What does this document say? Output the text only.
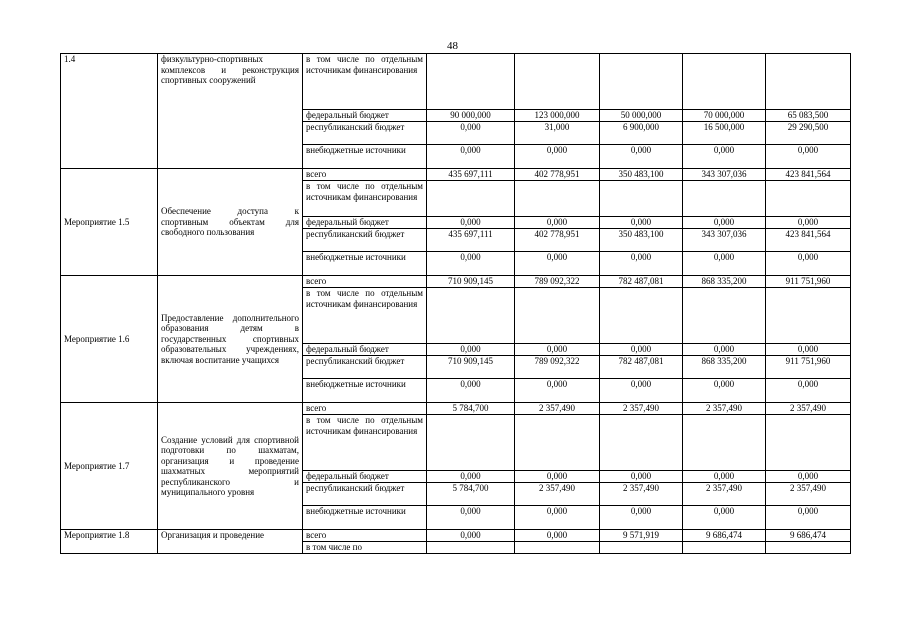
48
1.4	физкультурно-спортивных комплексов и реконструкция спортивных сооружений	в том числе по отдельным источникам финансирования					
		федеральный бюджет	90 000,000	123 000,000	50 000,000	70 000,000	65 083,500
		республиканский бюджет	0,000	31,000	6 900,000	16 500,000	29 290,500
		внебюджетные источники	0,000	0,000	0,000	0,000	0,000
Мероприятие 1.5	Обеспечение доступа к спортивным объектам для свободного пользования	всего	435 697,111	402 778,951	350 483,100	343 307,036	423 841,564
		в том числе по отдельным источникам финансирования					
		федеральный бюджет	0,000	0,000	0,000	0,000	0,000
		республиканский бюджет	435 697,111	402 778,951	350 483,100	343 307,036	423 841,564
		внебюджетные источники	0,000	0,000	0,000	0,000	0,000
Мероприятие 1.6	Предоставление дополнительного образования детям в государственных спортивных образовательных учреждениях, включая воспитание учащихся	всего	710 909,145	789 092,322	782 487,081	868 335,200	911 751,960
		в том числе по отдельным источникам финансирования					
		федеральный бюджет	0,000	0,000	0,000	0,000	0,000
		республиканский бюджет	710 909,145	789 092,322	782 487,081	868 335,200	911 751,960
		внебюджетные источники	0,000	0,000	0,000	0,000	0,000
Мероприятие 1.7	Создание условий для спортивной подготовки по шахматам, организация и проведение шахматных мероприятий республиканского и муниципального уровня	всего	5 784,700	2 357,490	2 357,490	2 357,490	2 357,490
		в том числе по отдельным источникам финансирования					
		федеральный бюджет	0,000	0,000	0,000	0,000	0,000
		республиканский бюджет	5 784,700	2 357,490	2 357,490	2 357,490	2 357,490
		внебюджетные источники	0,000	0,000	0,000	0,000	0,000
Мероприятие 1.8	Организация и проведение	всего	0,000	0,000	9 571,919	9 686,474	9 686,474
		в том числе по					
